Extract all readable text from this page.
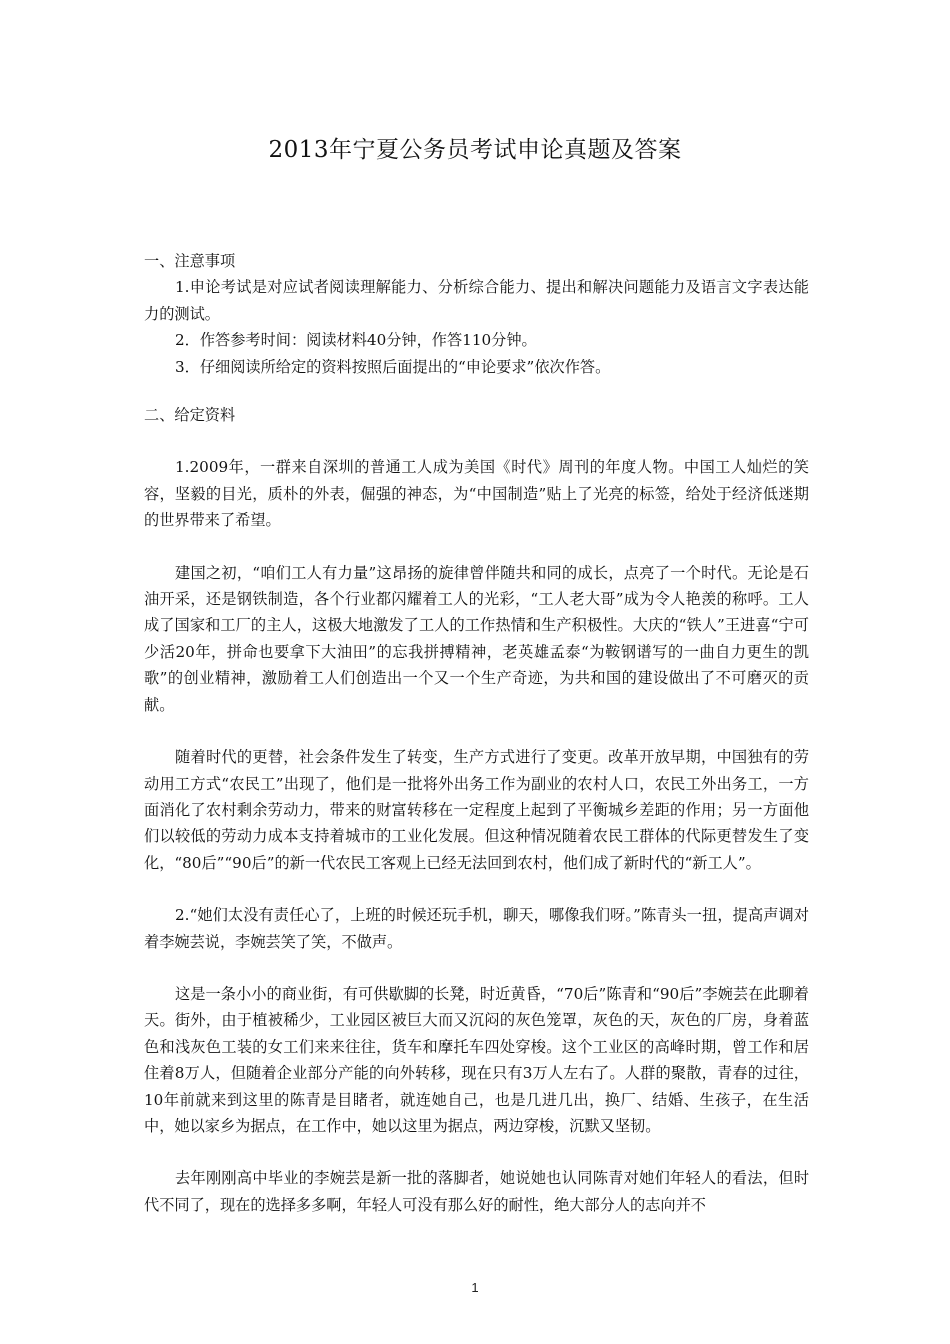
2013年宁夏公务员考试申论真题及答案

一、注意事项

1.申论考试是对应试者阅读理解能力、分析综合能力、提出和解决问题能力及语言文字表达能力的测试。

2．作答参考时间：阅读材料40分钟，作答110分钟。

3．仔细阅读所给定的资料按照后面提出的“申论要求”依次作答。

二、给定资料

1.2009年，一群来自深圳的普通工人成为美国《时代》周刊的年度人物。中国工人灿烂的笑容，坚毅的目光，质朴的外表，倔强的神态，为“中国制造”贴上了光亮的标签，给处于经济低迷期的世界带来了希望。

建国之初，“咱们工人有力量”这昂扬的旋律曾伴随共和同的成长，点亮了一个时代。无论是石油开采，还是钢铁制造，各个行业都闪耀着工人的光彩，“工人老大哥”成为令人艳羡的称呼。工人成了国家和工厂的主人，这极大地激发了工人的工作热情和生产积极性。大庆的“铁人”王进喜“宁可少活20年，拼命也要拿下大油田”的忘我拼搏精神，老英雄孟泰“为鞍钢谱写的一曲自力更生的凯歌”的创业精神，激励着工人们创造出一个又一个生产奇迹，为共和国的建设做出了不可磨灭的贡献。

随着时代的更替，社会条件发生了转变，生产方式进行了变更。改革开放早期，中国独有的劳动用工方式“农民工”出现了，他们是一批将外出务工作为副业的农村人口，农民工外出务工，一方面消化了农村剩余劳动力，带来的财富转移在一定程度上起到了平衡城乡差距的作用；另一方面他们以较低的劳动力成本支持着城市的工业化发展。但这种情况随着农民工群体的代际更替发生了变化，“80后”“90后”的新一代农民工客观上已经无法回到农村，他们成了新时代的“新工人”。

2.“她们太没有责任心了，上班的时候还玩手机，聊天，哪像我们呀。”陈青头一扭，提高声调对着李婉芸说，李婉芸笑了笑，不做声。

这是一条小小的商业街，有可供歇脚的长凳，时近黄昏，“70后”陈青和“90后”李婉芸在此聊着天。街外，由于植被稀少，工业园区被巨大而又沉闷的灰色笼罩，灰色的天，灰色的厂房，身着蓝色和浅灰色工装的女工们来来往往，货车和摩托车四处穿梭。这个工业区的高峰时期，曾工作和居住着8万人，但随着企业部分产能的向外转移，现在只有3万人左右了。人群的聚散，青春的过往，10年前就来到这里的陈青是目睹者，就连她自己，也是几进几出，换厂、结婚、生孩子，在生活中，她以家乡为据点，在工作中，她以这里为据点，两边穿梭，沉默又坚韧。

去年刚刚高中毕业的李婉芸是新一批的落脚者，她说她也认同陈青对她们年轻人的看法，但时代不同了，现在的选择多多啊，年轻人可没有那么好的耐性，绝大部分人的志向并不

1
